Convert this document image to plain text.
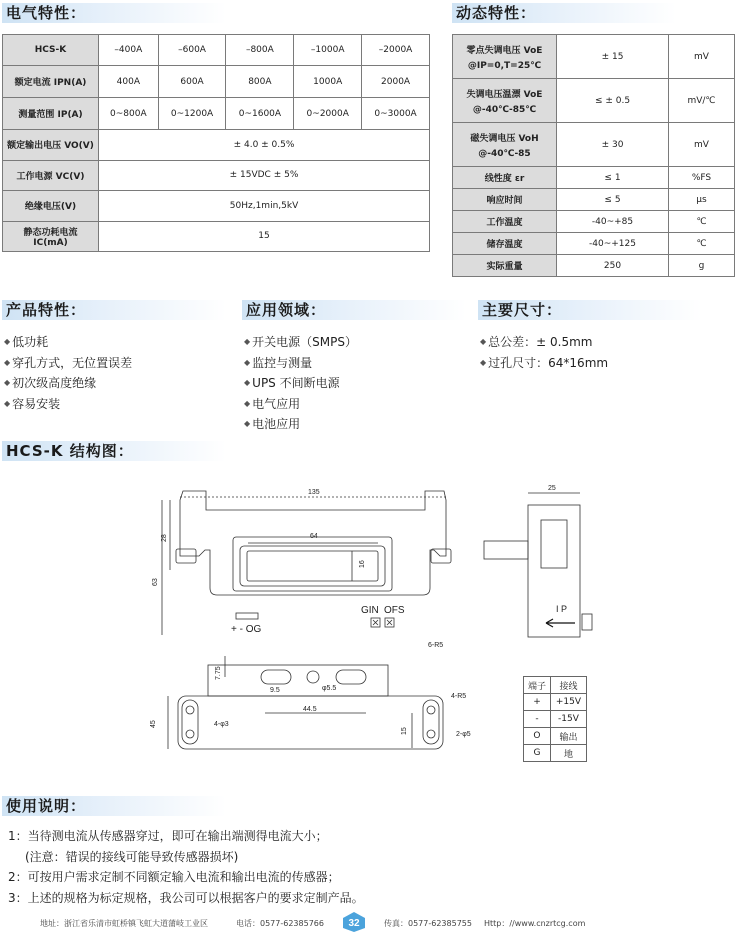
电气特性：	动态特性：
HCS-K	–400A	–600A	–800A	–1000A	–2000A
额定电流 IPN(A)	400A	600A	800A	1000A	2000A
测量范围 IP(A)	0~800A	0~1200A	0~1600A	0~2000A	0~3000A
额定输出电压 VO(V)	± 4.0 ± 0.5%				
工作电源 VC(V)	± 15VDC ± 5%				
绝缘电压(V)	50Hz,1min,5kV				
静态功耗电流 IC(mA)	15				
零点失调电压 VoE
@IP=0,T=25℃	± 15	mV

失调电压温漂 VoE
@-40℃-85℃	≤ ± 0.5	mV/℃

磁失调电压 VoH
@-40℃-85	± 30	mV

线性度 εr	≤ 1	%FS

响应时间	≤ 5	μs

工作温度	-40~+85	℃

储存温度	-40~+125	℃

实际重量	250	g
产品特性：	应用领域：	主要尺寸：
◆ 低功耗
◆ 穿孔方式，无位置误差
◆ 初次级高度绝缘
◆ 容易安装
◆ 开关电源（SMPS）
◆ 监控与测量
◆ UPS 不间断电源
◆ 电气应用
◆ 电池应用
◆ 总公差：± 0.5mm
◆ 过孔尺寸：64*16mm
HCS-K 结构图：
135
64
28
16
63
GIN OFS
+ - OG
6-R5
25
I P
7.75
9.5	φ5.5
44.5
45
15
4-φ3
4-R5
2-φ5
端子	接线
+	+15V
-	-15V
O	输出
G	地
使用说明：
1：当待测电流从传感器穿过，即可在输出端测得电流大小；
(注意：错误的接线可能导致传感器损坏)
2：可按用户需求定制不同额定输入电流和输出电流的传感器；
3：上述的规格为标定规格，我公司可以根据客户的要求定制产品。
地址：浙江省乐清市虹桥镇飞虹大道蒲岐工业区	电话：0577-62385766 32	传真：0577-62385755 Http：//www.cnzrtcg.com
